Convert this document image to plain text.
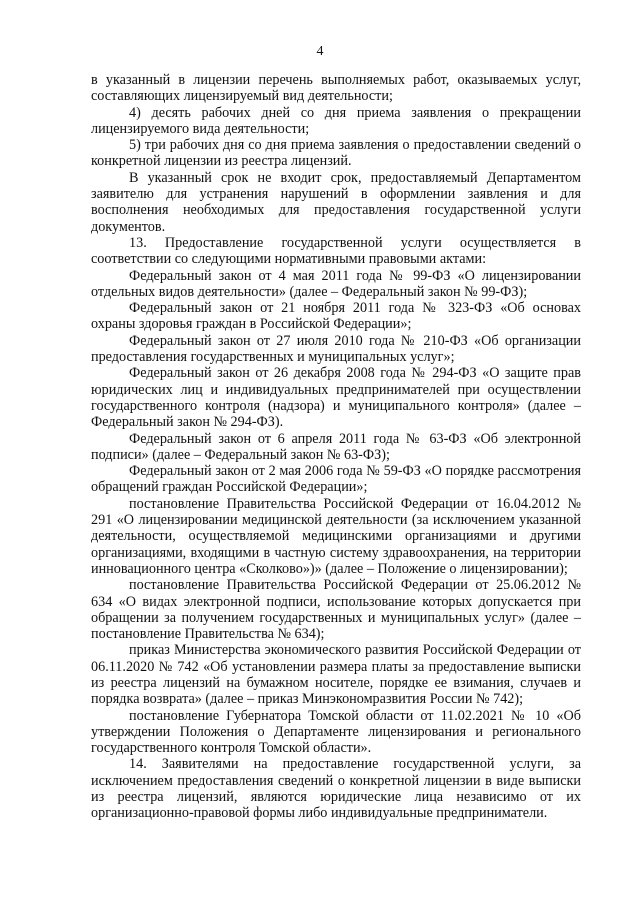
4

в указанный в лицензии перечень выполняемых работ, оказываемых услуг, составляющих лицензируемый вид деятельности;

4) десять рабочих дней со дня приема заявления о прекращении лицензируемого вида деятельности;

5) три рабочих дня со дня приема заявления о предоставлении сведений о конкретной лицензии из реестра лицензий.

В указанный срок не входит срок, предоставляемый Департаментом заявителю для устранения нарушений в оформлении заявления и для восполнения необходимых для предоставления государственной услуги документов.

13. Предоставление государственной услуги осуществляется в соответствии со следующими нормативными правовыми актами:

Федеральный закон от 4 мая 2011 года № 99-ФЗ «О лицензировании отдельных видов деятельности» (далее – Федеральный закон № 99-ФЗ);

Федеральный закон от 21 ноября 2011 года № 323-ФЗ «Об основах охраны здоровья граждан в Российской Федерации»;

Федеральный закон от 27 июля 2010 года № 210-ФЗ «Об организации предоставления государственных и муниципальных услуг»;

Федеральный закон от 26 декабря 2008 года № 294-ФЗ «О защите прав юридических лиц и индивидуальных предпринимателей при осуществлении государственного контроля (надзора) и муниципального контроля» (далее – Федеральный закон № 294-ФЗ).

Федеральный закон от 6 апреля 2011 года № 63-ФЗ «Об электронной подписи» (далее – Федеральный закон № 63-ФЗ);

Федеральный закон от 2 мая 2006 года № 59-ФЗ «О порядке рассмотрения обращений граждан Российской Федерации»;

постановление Правительства Российской Федерации от 16.04.2012 № 291 «О лицензировании медицинской деятельности (за исключением указанной деятельности, осуществляемой медицинскими организациями и другими организациями, входящими в частную систему здравоохранения, на территории инновационного центра «Сколково»)» (далее – Положение о лицензировании);

постановление Правительства Российской Федерации от 25.06.2012 № 634 «О видах электронной подписи, использование которых допускается при обращении за получением государственных и муниципальных услуг» (далее – постановление Правительства № 634);

приказ Министерства экономического развития Российской Федерации от 06.11.2020 № 742 «Об установлении размера платы за предоставление выписки из реестра лицензий на бумажном носителе, порядке ее взимания, случаев и порядка возврата» (далее – приказ Минэкономразвития России № 742);

постановление Губернатора Томской области от 11.02.2021 № 10 «Об утверждении Положения о Департаменте лицензирования и регионального государственного контроля Томской области».

14. Заявителями на предоставление государственной услуги, за исключением предоставления сведений о конкретной лицензии в виде выписки из реестра лицензий, являются юридические лица независимо от их организационно-правовой формы либо индивидуальные предприниматели.
